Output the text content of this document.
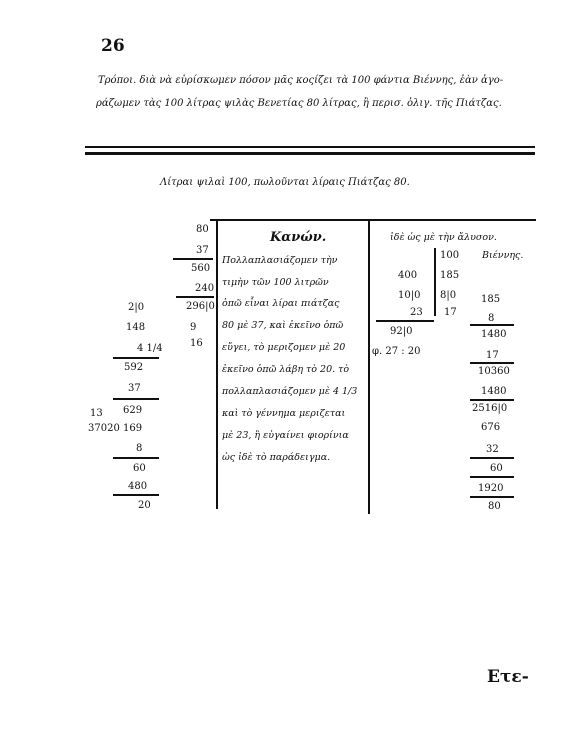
26
Τρόποι. διὰ νὰ εὑρίσκωμεν πόσον μᾶς κοςίζει τὰ 100 φάντια Βιέννης, ἐὰν ἀγο-
ράζωμεν τὰς 100 λίτρας ψιλὰς Βενετίας 80 λίτρας, ἢ περισ. ὀλιγ. τῆς Πιάτζας.
Λίτραι ψιλαὶ 100, πωλοῦνται λίραις Πιάτζας 80.
Κανών.
Πολλαπλασιάζομεν τὴν
τιμὴν τῶν 100 λιτρῶν
ὁπῶ εἶναι λίραι πιάτζας
80 μὲ 37, καὶ ἐκεῖνο ὁπῶ
εὔγει, τὸ μεριζομεν μὲ 20
ἐκεῖνο ὁπῶ λάβη τὸ 20. τὸ
πολλαπλασιάζομεν μὲ 4 1/3
καὶ τὸ γέννημα μεριζεται
μὲ 23, ἢ εὐγαίνει φιορίνια
ὡς ἰδὲ τὸ παράδειγμα.
80
37
560
240
296|0
9
16
2|0
148
4 1/4
592
37
629
169
13
37020
8
60
480
20
ἰδὲ ὡς μὲ τὴν ἄλυσον.
Βιέννης.
100
400 185
10|0 8|0
23 17
92|0
φ. 27 : 20
185
8
1480
17
10360
1480
2516|0
676
32
60
1920
80
Ετε-
